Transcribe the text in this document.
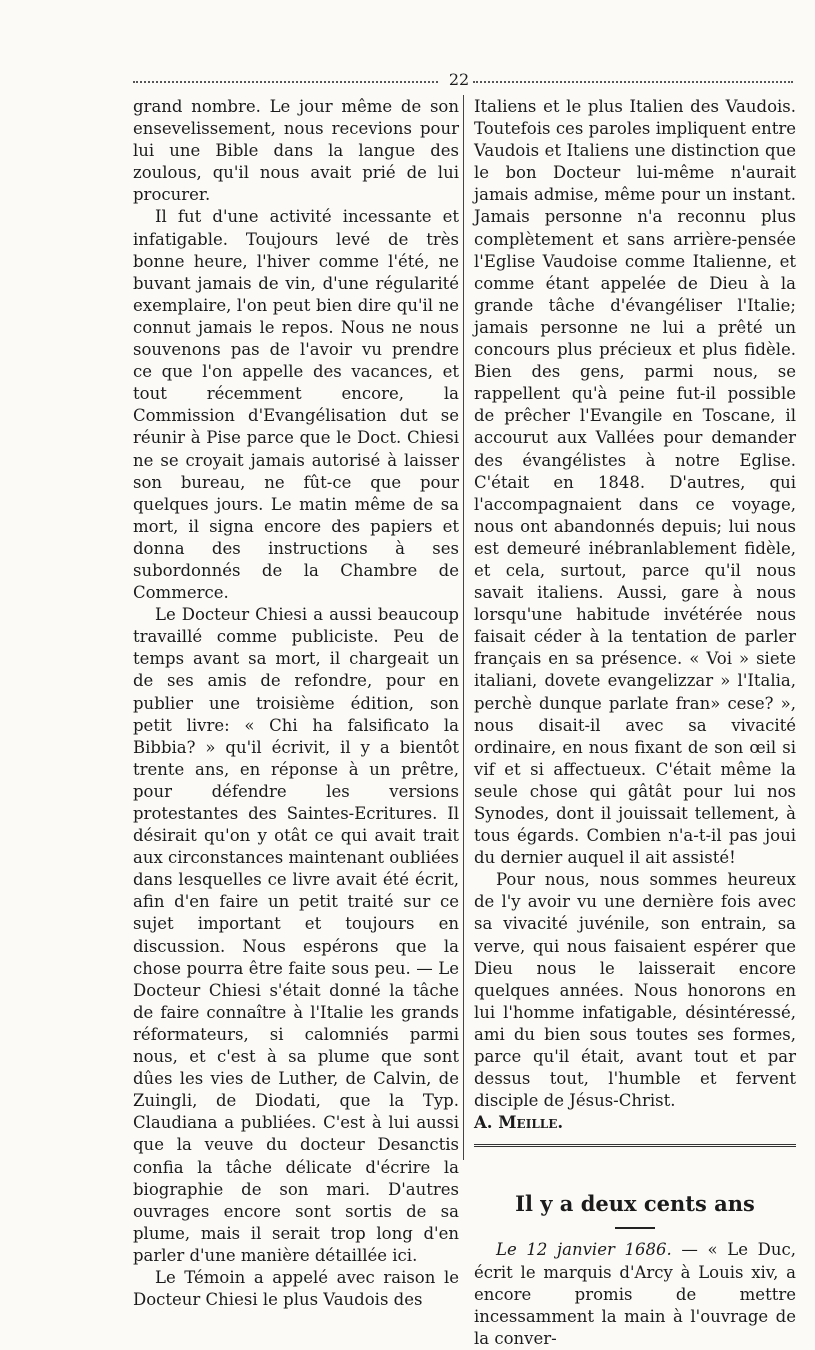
22

grand nombre. Le jour même de son ensevelissement, nous recevions pour lui une Bible dans la langue des zoulous, qu'il nous avait prié de lui procurer.

Il fut d'une activité incessante et infatigable. Toujours levé de très bonne heure, l'hiver comme l'été, ne buvant jamais de vin, d'une régularité exemplaire, l'on peut bien dire qu'il ne connut jamais le repos. Nous ne nous souvenons pas de l'avoir vu prendre ce que l'on appelle des vacances, et tout récemment encore, la Commission d'Evangélisation dut se réunir à Pise parce que le Doct. Chiesi ne se croyait jamais autorisé à laisser son bureau, ne fût-ce que pour quelques jours. Le matin même de sa mort, il signa encore des papiers et donna des instructions à ses subordonnés de la Chambre de Commerce.

Le Docteur Chiesi a aussi beaucoup travaillé comme publiciste. Peu de temps avant sa mort, il chargeait un de ses amis de refondre, pour en publier une troisième édition, son petit livre: « Chi ha falsificato la Bibbia? » qu'il écrivit, il y a bientôt trente ans, en réponse à un prêtre, pour défendre les versions protestantes des Saintes-Ecritures. Il désirait qu'on y otât ce qui avait trait aux circonstances maintenant oubliées dans lesquelles ce livre avait été écrit, afin d'en faire un petit traité sur ce sujet important et toujours en discussion. Nous espérons que la chose pourra être faite sous peu. — Le Docteur Chiesi s'était donné la tâche de faire connaître à l'Italie les grands réformateurs, si calomniés parmi nous, et c'est à sa plume que sont dûes les vies de Luther, de Calvin, de Zuingli, de Diodati, que la Typ. Claudiana a publiées. C'est à lui aussi que la veuve du docteur Desanctis confia la tâche délicate d'écrire la biographie de son mari. D'autres ouvrages encore sont sortis de sa plume, mais il serait trop long d'en parler d'une manière détaillée ici.

Le Témoin a appelé avec raison le Docteur Chiesi le plus Vaudois des

Italiens et le plus Italien des Vaudois. Toutefois ces paroles impliquent entre Vaudois et Italiens une distinction que le bon Docteur lui-même n'aurait jamais admise, même pour un instant. Jamais personne n'a reconnu plus complètement et sans arrière-pensée l'Eglise Vaudoise comme Italienne, et comme étant appelée de Dieu à la grande tâche d'évangéliser l'Italie; jamais personne ne lui a prêté un concours plus précieux et plus fidèle. Bien des gens, parmi nous, se rappellent qu'à peine fut-il possible de prêcher l'Evangile en Toscane, il accourut aux Vallées pour demander des évangélistes à notre Eglise. C'était en 1848. D'autres, qui l'accompagnaient dans ce voyage, nous ont abandonnés depuis; lui nous est demeuré inébranlablement fidèle, et cela, surtout, parce qu'il nous savait italiens. Aussi, gare à nous lorsqu'une habitude invétérée nous faisait céder à la tentation de parler français en sa présence. « Voi » siete italiani, dovete evangelizzar » l'Italia, perchè dunque parlate fran» cese? », nous disait-il avec sa vivacité ordinaire, en nous fixant de son œil si vif et si affectueux. C'était même la seule chose qui gâtât pour lui nos Synodes, dont il jouissait tellement, à tous égards. Combien n'a-t-il pas joui du dernier auquel il ait assisté!

Pour nous, nous sommes heureux de l'y avoir vu une dernière fois avec sa vivacité juvénile, son entrain, sa verve, qui nous faisaient espérer que Dieu nous le laisserait encore quelques années. Nous honorons en lui l'homme infatigable, désintéressé, ami du bien sous toutes ses formes, parce qu'il était, avant tout et par dessus tout, l'humble et fervent disciple de Jésus-Christ.

A. Meille.

Il y a deux cents ans

Le 12 janvier 1686. — « Le Duc, écrit le marquis d'Arcy à Louis xiv, a encore promis de mettre incessamment la main à l'ouvrage de la conver-
